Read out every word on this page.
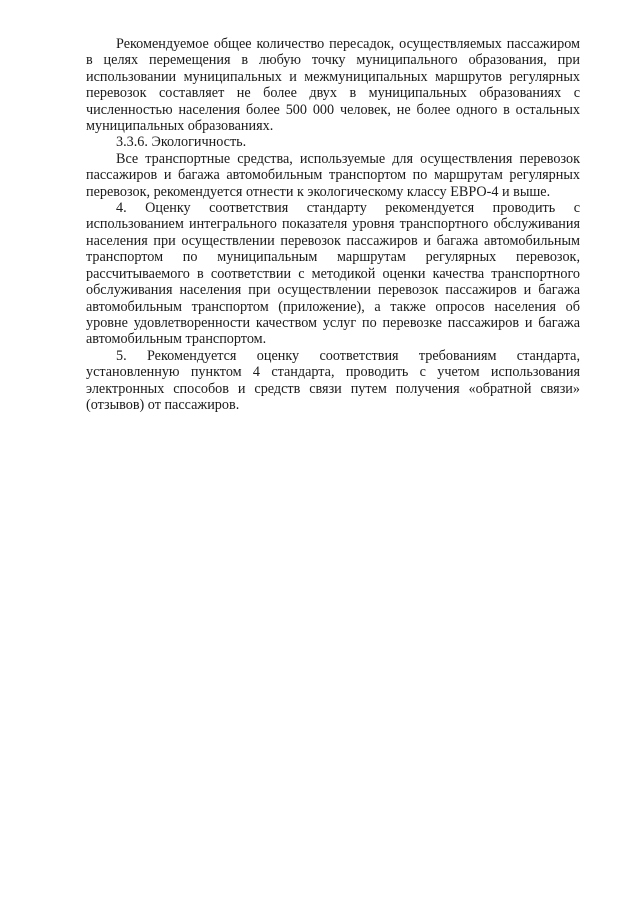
Рекомендуемое общее количество пересадок, осуществляемых пассажиром в целях перемещения в любую точку муниципального образования, при использовании муниципальных и межмуниципальных маршрутов регулярных перевозок составляет не более двух в муниципальных образованиях с численностью населения более 500 000 человек, не более одного в остальных муниципальных образованиях.

3.3.6. Экологичность.

Все транспортные средства, используемые для осуществления перевозок пассажиров и багажа автомобильным транспортом по маршрутам регулярных перевозок, рекомендуется отнести к экологическому классу ЕВРО-4 и выше.

4. Оценку соответствия стандарту рекомендуется проводить с использованием интегрального показателя уровня транспортного обслуживания населения при осуществлении перевозок пассажиров и багажа автомобильным транспортом по муниципальным маршрутам регулярных перевозок, рассчитываемого в соответствии с методикой оценки качества транспортного обслуживания населения при осуществлении перевозок пассажиров и багажа автомобильным транспортом (приложение), а также опросов населения об уровне удовлетворенности качеством услуг по перевозке пассажиров и багажа автомобильным транспортом.

5. Рекомендуется оценку соответствия требованиям стандарта, установленную пунктом 4 стандарта, проводить с учетом использования электронных способов и средств связи путем получения «обратной связи» (отзывов) от пассажиров.
